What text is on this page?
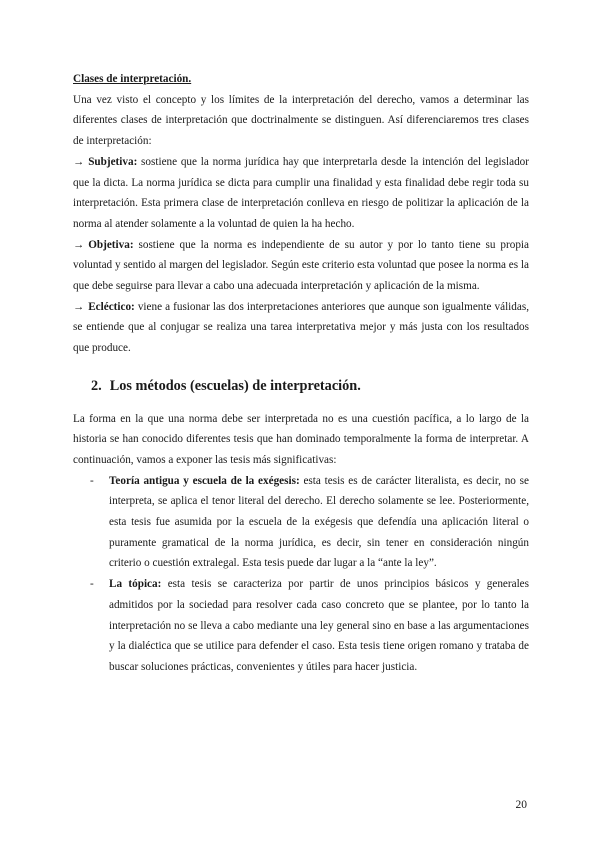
Clases de interpretación.

Una vez visto el concepto y los límites de la interpretación del derecho, vamos a determinar las diferentes clases de interpretación que doctrinalmente se distinguen. Así diferenciaremos tres clases de interpretación:

→ Subjetiva: sostiene que la norma jurídica hay que interpretarla desde la intención del legislador que la dicta. La norma jurídica se dicta para cumplir una finalidad y esta finalidad debe regir toda su interpretación. Esta primera clase de interpretación conlleva en riesgo de politizar la aplicación de la norma al atender solamente a la voluntad de quien la ha hecho.

→ Objetiva: sostiene que la norma es independiente de su autor y por lo tanto tiene su propia voluntad y sentido al margen del legislador. Según este criterio esta voluntad que posee la norma es la que debe seguirse para llevar a cabo una adecuada interpretación y aplicación de la misma.

→ Ecléctico: viene a fusionar las dos interpretaciones anteriores que aunque son igualmente válidas, se entiende que al conjugar se realiza una tarea interpretativa mejor y más justa con los resultados que produce.

2. Los métodos (escuelas) de interpretación.

La forma en la que una norma debe ser interpretada no es una cuestión pacífica, a lo largo de la historia se han conocido diferentes tesis que han dominado temporalmente la forma de interpretar. A continuación, vamos a exponer las tesis más significativas:

- Teoría antigua y escuela de la exégesis: esta tesis es de carácter literalista, es decir, no se interpreta, se aplica el tenor literal del derecho. El derecho solamente se lee. Posteriormente, esta tesis fue asumida por la escuela de la exégesis que defendía una aplicación literal o puramente gramatical de la norma jurídica, es decir, sin tener en consideración ningún criterio o cuestión extralegal. Esta tesis puede dar lugar a la “ante la ley”.
- La tópica: esta tesis se caracteriza por partir de unos principios básicos y generales admitidos por la sociedad para resolver cada caso concreto que se plantee, por lo tanto la interpretación no se lleva a cabo mediante una ley general sino en base a las argumentaciones y la dialéctica que se utilice para defender el caso. Esta tesis tiene origen romano y trataba de buscar soluciones prácticas, convenientes y útiles para hacer justicia.
20
